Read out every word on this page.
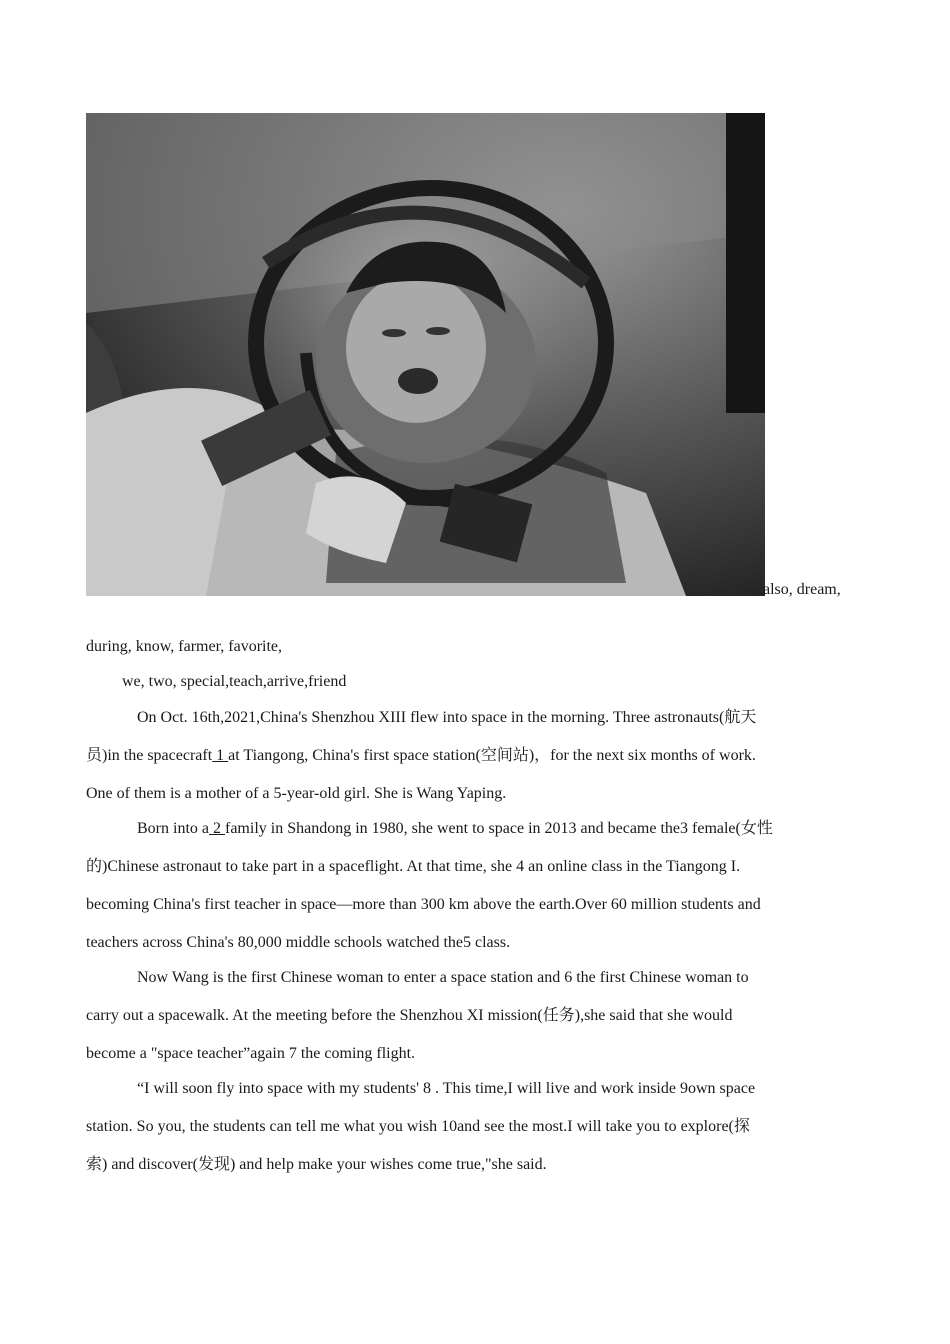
also, dream,
during, know, farmer, favorite,
we, two, special,teach,arrive,friend
On Oct. 16th,2021,China's Shenzhou XIII flew into space in the morning. Three astronauts(航天
员)in the spacecraft 1 at Tiangong, China's first space station(空间站)，for the next six months of work.
One of them is a mother of a 5-year-old girl. She is Wang Yaping.
Born into a 2 family in Shandong in 1980, she went to space in 2013 and became the3 female(女性
的)Chinese astronaut to take part in a spaceflight. At that time, she 4 an online class in the Tiangong I.
becoming China's first teacher in space—more than 300 km above the earth.Over 60 million students and
teachers across China's 80,000 middle schools watched the5 class.
Now Wang is the first Chinese woman to enter a space station and 6 the first Chinese woman to
carry out a spacewalk. At the meeting before the Shenzhou XI mission(任务),she said that she would
become a "space teacher”again 7 the coming flight.
“I will soon fly into space with my students' 8 . This time,I will live and work inside 9own space
station. So you, the students can tell me what you wish 10and see the most.I will take you to explore(探
索) and discover(发现) and help make your wishes come true,"she said.
